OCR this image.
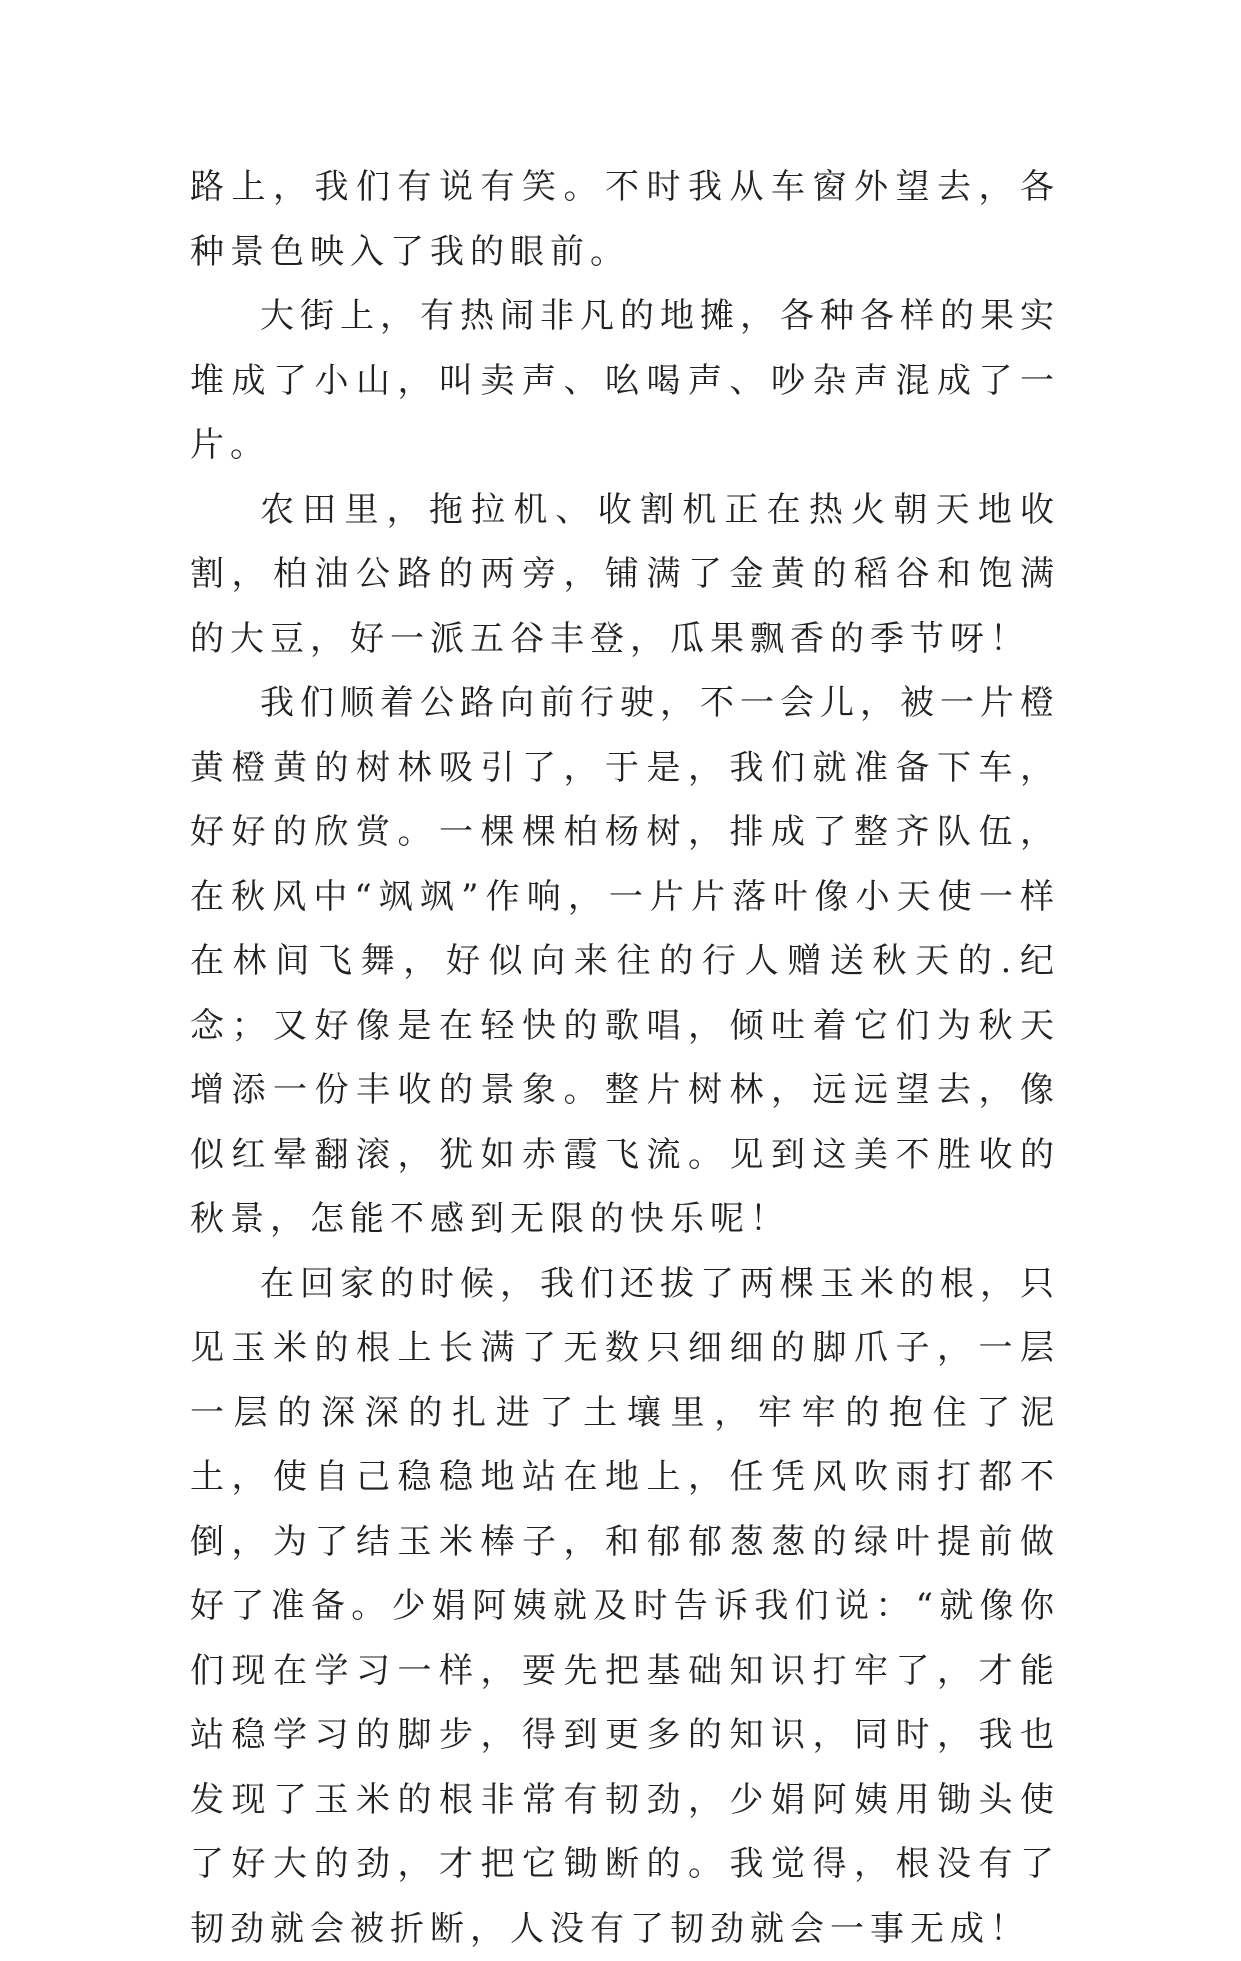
路上，我们有说有笑。不时我从车窗外望去，各种景色映入了我的眼前。

大街上，有热闹非凡的地摊，各种各样的果实堆成了小山，叫卖声、吆喝声、吵杂声混成了一片。

农田里，拖拉机、收割机正在热火朝天地收割，柏油公路的两旁，铺满了金黄的稻谷和饱满的大豆，好一派五谷丰登，瓜果飘香的季节呀！

我们顺着公路向前行驶，不一会儿，被一片橙黄橙黄的树林吸引了，于是，我们就准备下车，好好的欣赏。一棵棵柏杨树，排成了整齐队伍，在秋风中“飒飒”作响，一片片落叶像小天使一样在林间飞舞，好似向来往的行人赠送秋天的.纪念；又好像是在轻快的歌唱，倾吐着它们为秋天增添一份丰收的景象。整片树林，远远望去，像似红晕翻滚，犹如赤霞飞流。见到这美不胜收的秋景，怎能不感到无限的快乐呢！

在回家的时候，我们还拔了两棵玉米的根，只见玉米的根上长满了无数只细细的脚爪子，一层一层的深深的扎进了土壤里，牢牢的抱住了泥土，使自己稳稳地站在地上，任凭风吹雨打都不倒，为了结玉米棒子，和郁郁葱葱的绿叶提前做好了准备。少娟阿姨就及时告诉我们说：“就像你们现在学习一样，要先把基础知识打牢了，才能站稳学习的脚步，得到更多的知识，同时，我也发现了玉米的根非常有韧劲，少娟阿姨用锄头使了好大的劲，才把它锄断的。我觉得，根没有了韧劲就会被折断，人没有了韧劲就会一事无成！
